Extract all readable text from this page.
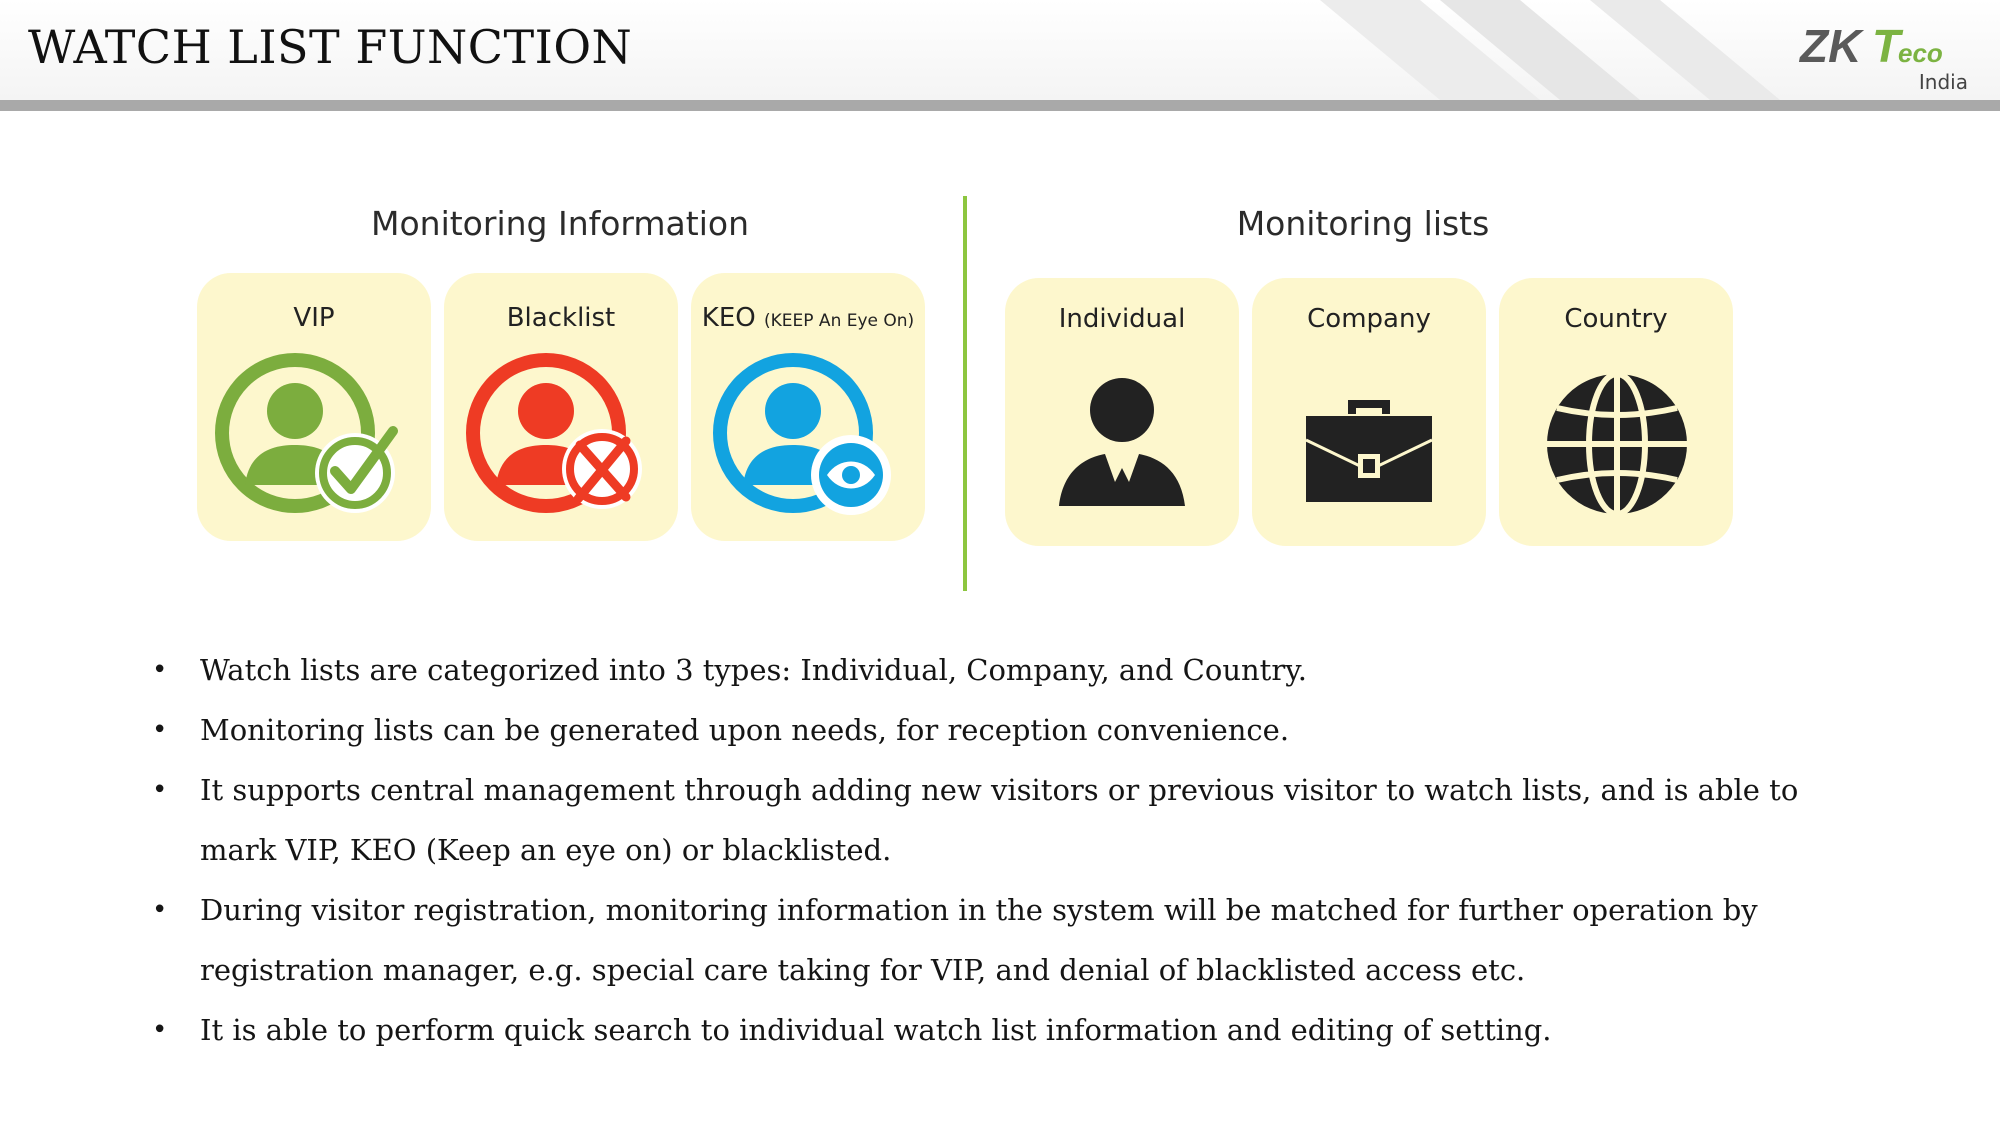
WATCH LIST FUNCTION	ZK T
eco
India
Monitoring Information	Monitoring lists
VIP	Blacklist	KEO (KEEP An Eye On)	Individual	Company	Country
• Watch lists are categorized into 3 types: Individual, Company, and Country.
• Monitoring lists can be generated upon needs, for reception convenience.
• It supports central management through adding new visitors or previous visitor to watch lists, and is able to mark VIP, KEO (Keep an eye on) or blacklisted.
• During visitor registration, monitoring information in the system will be matched for further operation by registration manager, e.g. special care taking for VIP, and denial of blacklisted access etc.
• It is able to perform quick search to individual watch list information and editing of setting.
